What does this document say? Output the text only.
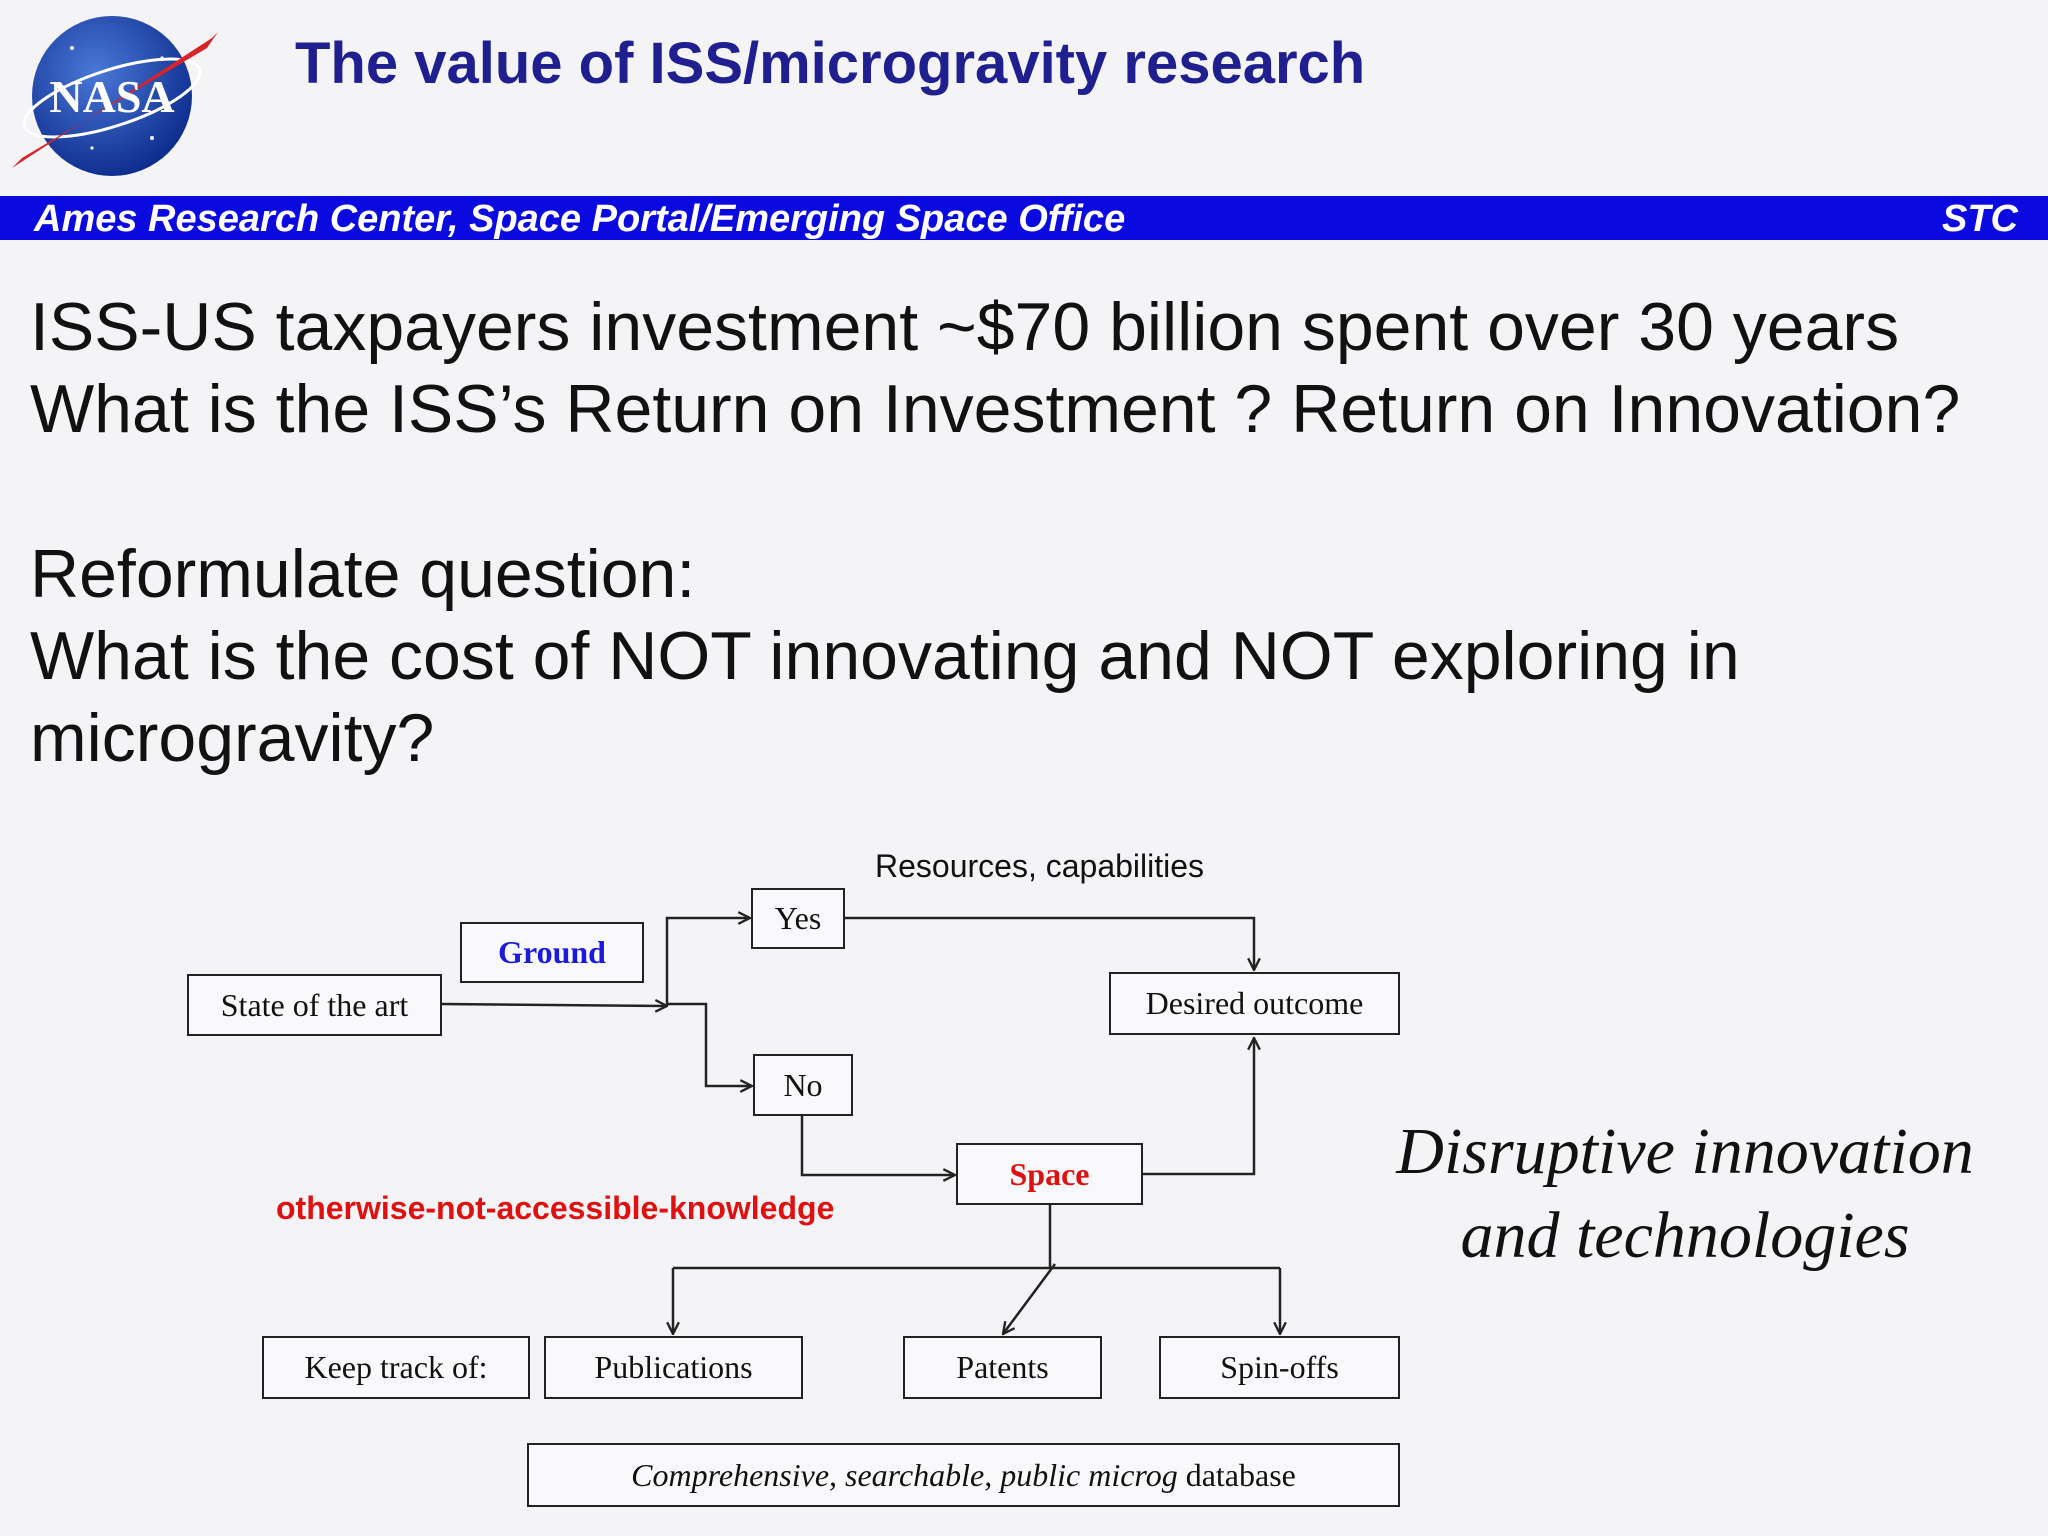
NASA
The value of ISS/microgravity research
Ames Research Center, Space Portal/Emerging Space Office	STC
ISS-US taxpayers investment ~$70 billion spent over 30 years
What is the ISS’s Return on Investment ? Return on Innovation?
Reformulate question:
What is the cost of NOT innovating and NOT exploring in
microgravity?
Resources, capabilities
Ground
State of the art
Yes
No
Desired outcome
Space
otherwise-not-accessible-knowledge
Keep track of:	Publications	Patents	Spin-offs
Comprehensive, searchable, public microg database
Disruptive innovation
and technologies
